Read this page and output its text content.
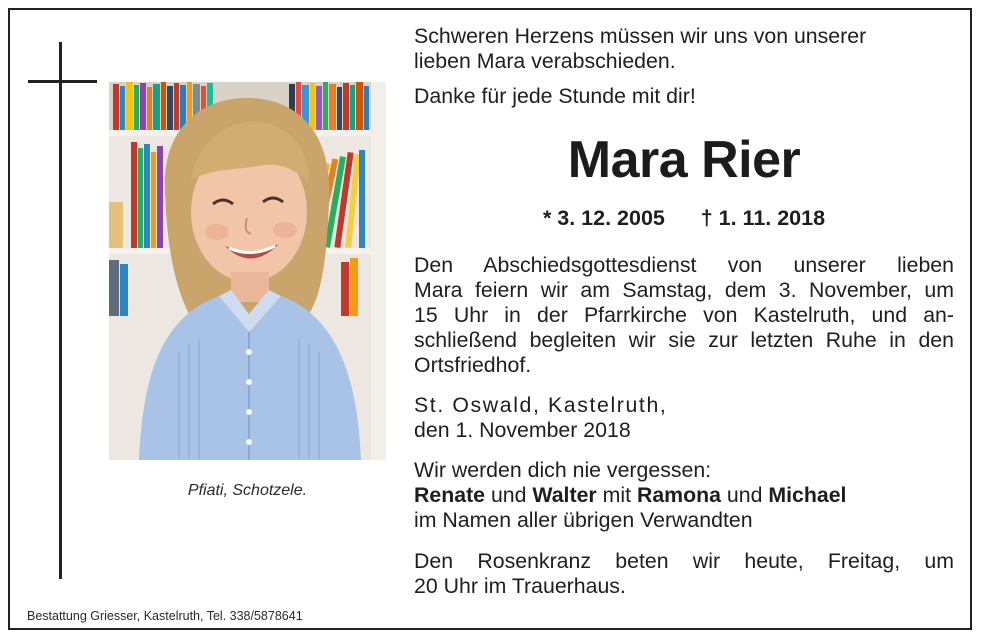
Pfiati, Schotzele.
Bestattung Griesser, Kastelruth, Tel. 338/5878641
Schweren Herzens müssen wir uns von unserer
lieben Mara verabschieden.
Danke für jede Stunde mit dir!
Mara Rier
* 3. 12. 2005 † 1. 11. 2018
Den Abschiedsgottesdienst von unserer lieben
Mara feiern wir am Samstag, dem 3. November, um
15 Uhr in der Pfarrkirche von Kastelruth, und an-
schließend begleiten wir sie zur letzten Ruhe in den
Ortsfriedhof.
St. Oswald, Kastelruth,
den 1. November 2018
Wir werden dich nie vergessen:
Renate und Walter mit Ramona und Michael
im Namen aller übrigen Verwandten
Den Rosenkranz beten wir heute, Freitag, um
20 Uhr im Trauerhaus.
